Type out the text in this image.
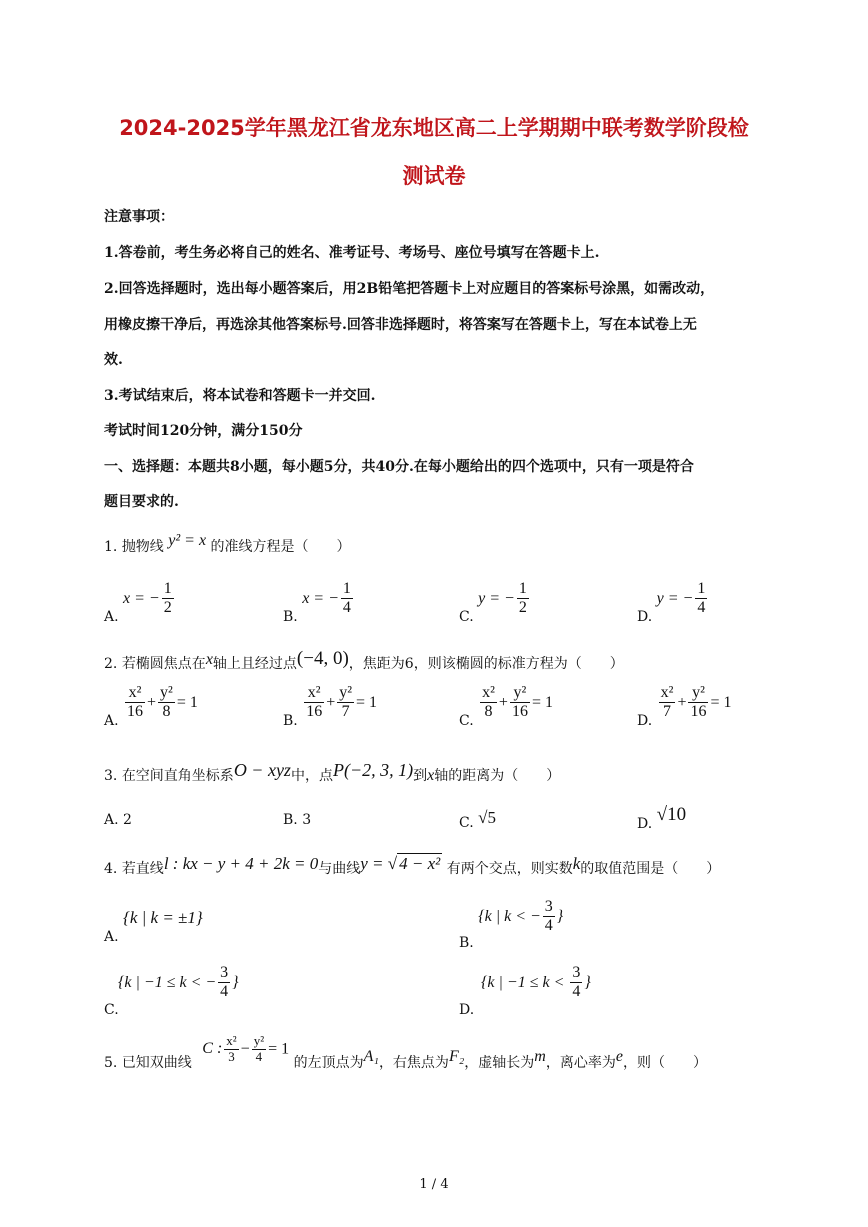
2024-2025学年黑龙江省龙东地区高二上学期期中联考数学阶段检
测试卷
注意事项：
1.答卷前，考生务必将自己的姓名、准考证号、考场号、座位号填写在答题卡上.
2.回答选择题时，选出每小题答案后，用2B铅笔把答题卡上对应题目的答案标号涂黑，如需改动，
用橡皮擦干净后，再选涂其他答案标号.回答非选择题时，将答案写在答题卡上，写在本试卷上无
效.
3.考试结束后，将本试卷和答题卡一并交回.
考试时间120分钟，满分150分
一、选择题：本题共8小题，每小题5分，共40分.在每小题给出的四个选项中，只有一项是符合
题目要求的.
1. 抛物线 y² = x 的准线方程是（　　）
A. x = − $\frac{1}{2}$	B. x = − $\frac{1}{4}$	C. y = − $\frac{1}{2}$	D. y = − $\frac{1}{4}$
2. 若椭圆焦点在x轴上且经过点(−4, 0)，焦距为6，则该椭圆的标准方程为（　　）
A. $\frac{\text{x²}}{16} + \frac{\text{y²}}{8} = 1$
B. $\frac{\text{x²}}{16} + \frac{\text{y²}}{7} = 1$
C. $\frac{\text{x²}}{8} + \frac{\text{y²}}{16} = 1$
D. $\frac{\text{x²}}{7} + \frac{\text{y²}}{16} = 1$
3. 在空间直角坐标系O − xyz中，点P(−2, 3, 1)到x轴的距离为（　　）
A. 2	B. 3	C. √5	D. √10
4. 若直线l : kx − y + 4 + 2k = 0与曲线y = √ 4 − x² 有两个交点，则实数k的取值范围是（　　）
A. {k | k = ±1}
B. {k | k < − $\frac{3}{4}$ }
{k | −1 ≤ k < − $\frac{3}{4}$ }
C.
{k | $-1 \le k < \frac{3}{4}$ }
D.
5. 已知双曲线 C : $\frac{\text{x²}}{3} - \frac{\text{y²}}{4} = 1$ 的左顶点为A₁，右焦点为F₂，虚轴长为m，离心率为e，则（　　）
1 / 4
